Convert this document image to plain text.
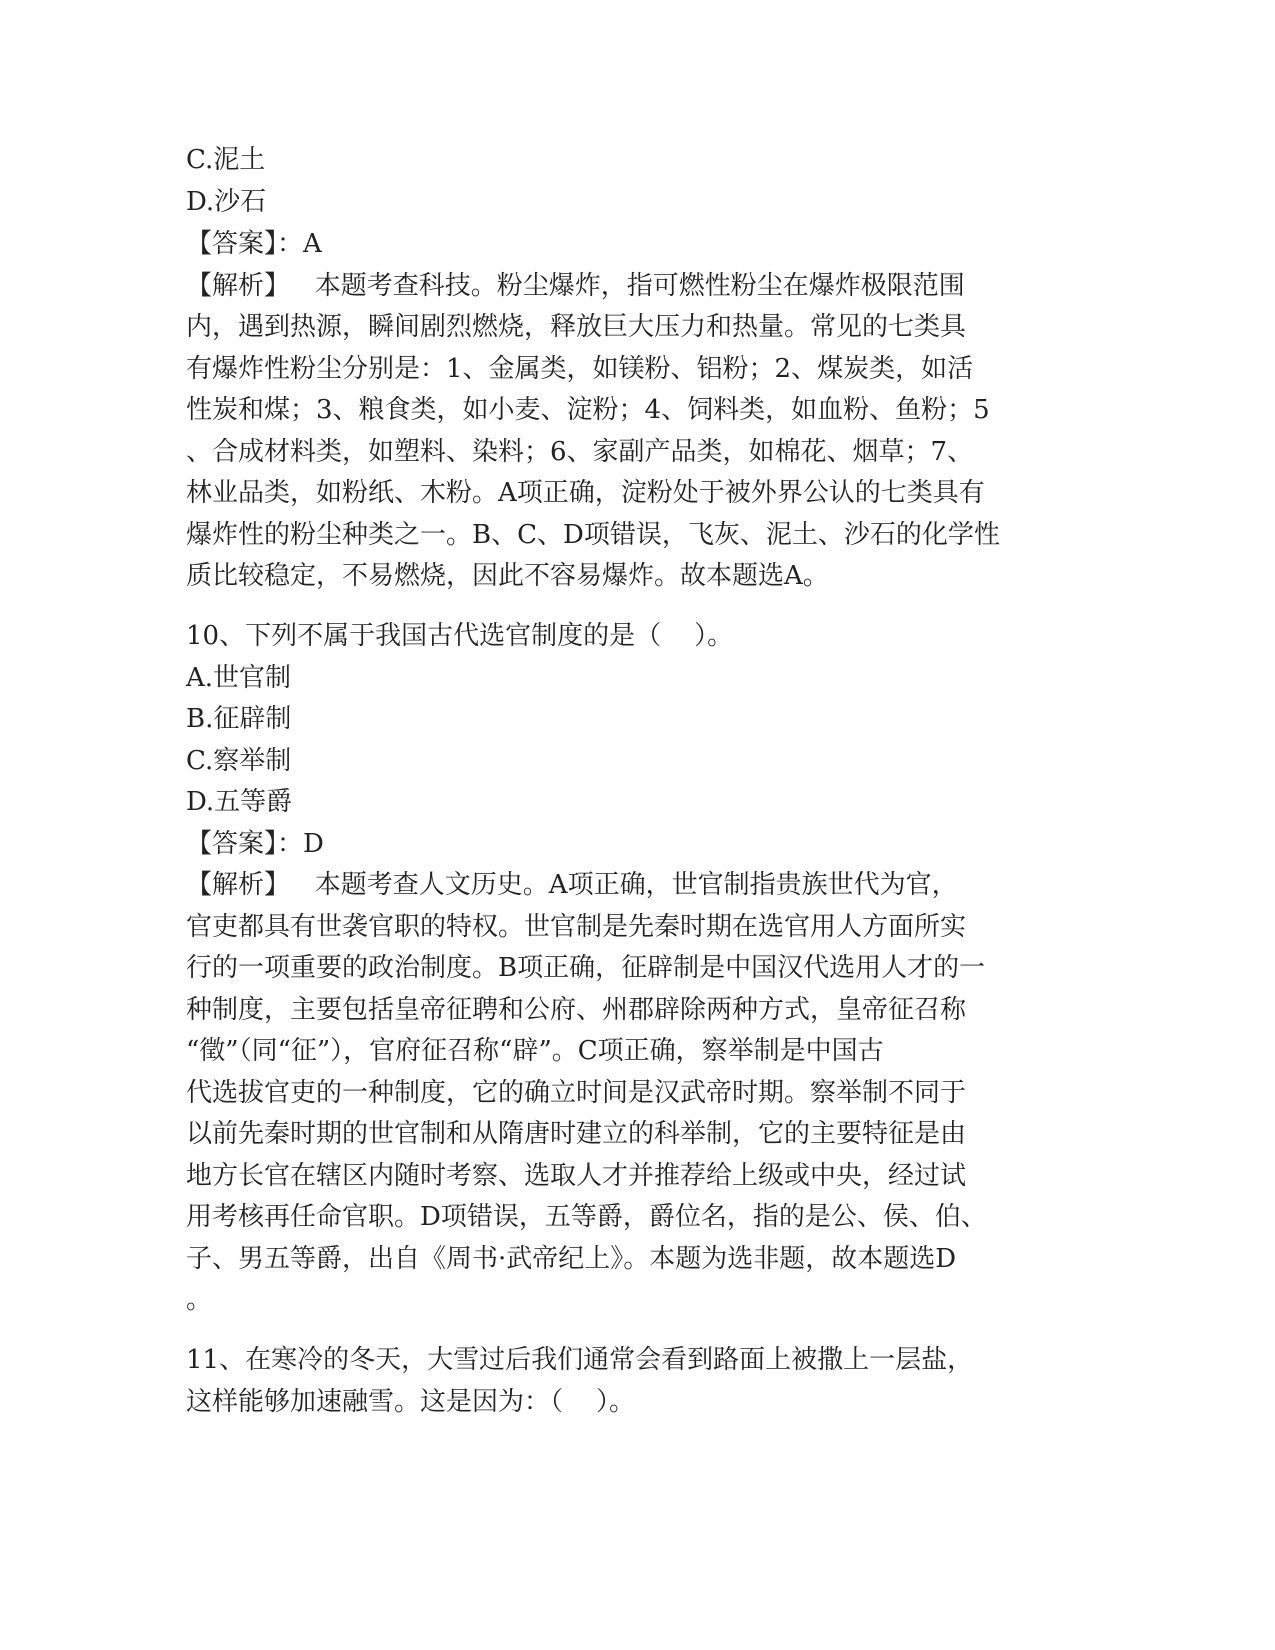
C.泥土
D.沙石
【答案】：A
【解析】   本题考查科技。粉尘爆炸，指可燃性粉尘在爆炸极限范围
内，遇到热源，瞬间剧烈燃烧，释放巨大压力和热量。常见的七类具
有爆炸性粉尘分别是：1、金属类，如镁粉、铝粉；2、煤炭类，如活
性炭和煤；3、粮食类，如小麦、淀粉；4、饲料类，如血粉、鱼粉；5
、合成材料类，如塑料、染料；6、家副产品类，如棉花、烟草；7、
林业品类，如粉纸、木粉。A项正确，淀粉处于被外界公认的七类具有
爆炸性的粉尘种类之一。B、C、D项错误，飞灰、泥土、沙石的化学性
质比较稳定，不易燃烧，因此不容易爆炸。故本题选A。
10、下列不属于我国古代选官制度的是（    ）。
A.世官制
B.征辟制
C.察举制
D.五等爵
【答案】：D
【解析】   本题考查人文历史。A项正确，世官制指贵族世代为官，
官吏都具有世袭官职的特权。世官制是先秦时期在选官用人方面所实
行的一项重要的政治制度。B项正确，征辟制是中国汉代选用人才的一
种制度，主要包括皇帝征聘和公府、州郡辟除两种方式，皇帝征召称
“徵”（同“征”），官府征召称“辟”。C项正确，察举制是中国古
代选拔官吏的一种制度，它的确立时间是汉武帝时期。察举制不同于
以前先秦时期的世官制和从隋唐时建立的科举制，它的主要特征是由
地方长官在辖区内随时考察、选取人才并推荐给上级或中央，经过试
用考核再任命官职。D项错误，五等爵，爵位名，指的是公、侯、伯、
子、男五等爵，出自《周书·武帝纪上》。本题为选非题，故本题选D
。
11、在寒冷的冬天，大雪过后我们通常会看到路面上被撒上一层盐，
这样能够加速融雪。这是因为：（    ）。
